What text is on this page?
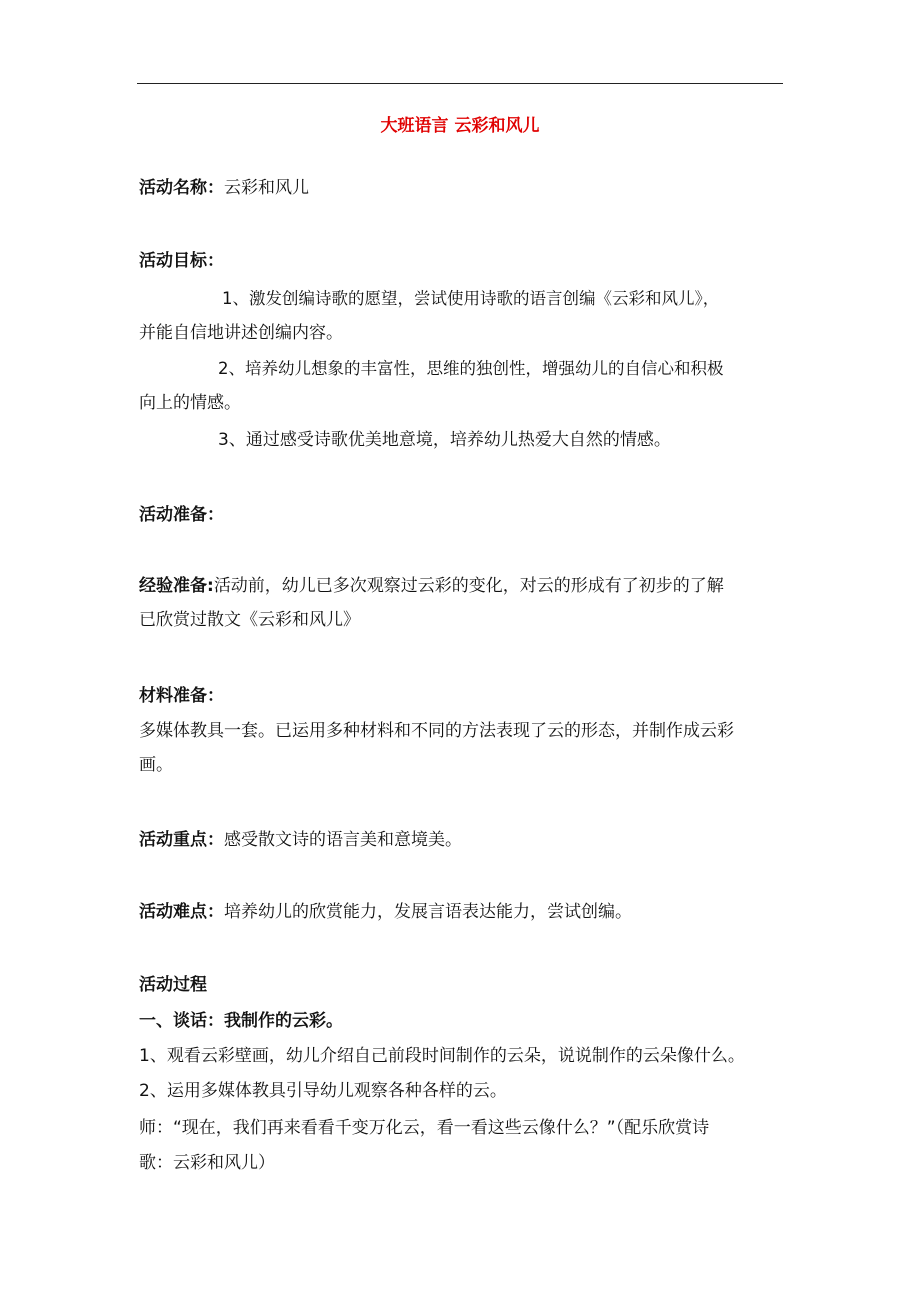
大班语言 云彩和风儿
活动名称：云彩和风儿
活动目标：
1、激发创编诗歌的愿望，尝试使用诗歌的语言创编《云彩和风儿》，
并能自信地讲述创编内容。
2、培养幼儿想象的丰富性，思维的独创性，增强幼儿的自信心和积极
向上的情感。
3、通过感受诗歌优美地意境，培养幼儿热爱大自然的情感。
活动准备：
经验准备:活动前，幼儿已多次观察过云彩的变化，对云的形成有了初步的了解
已欣赏过散文《云彩和风儿》
材料准备：
多媒体教具一套。已运用多种材料和不同的方法表现了云的形态，并制作成云彩
画。
活动重点：感受散文诗的语言美和意境美。
活动难点：培养幼儿的欣赏能力，发展言语表达能力，尝试创编。
活动过程
一、谈话：我制作的云彩。
1、观看云彩壁画，幼儿介绍自己前段时间制作的云朵，说说制作的云朵像什么。
2、运用多媒体教具引导幼儿观察各种各样的云。
师：“现在，我们再来看看千变万化云，看一看这些云像什么？”（配乐欣赏诗
歌：云彩和风儿）
